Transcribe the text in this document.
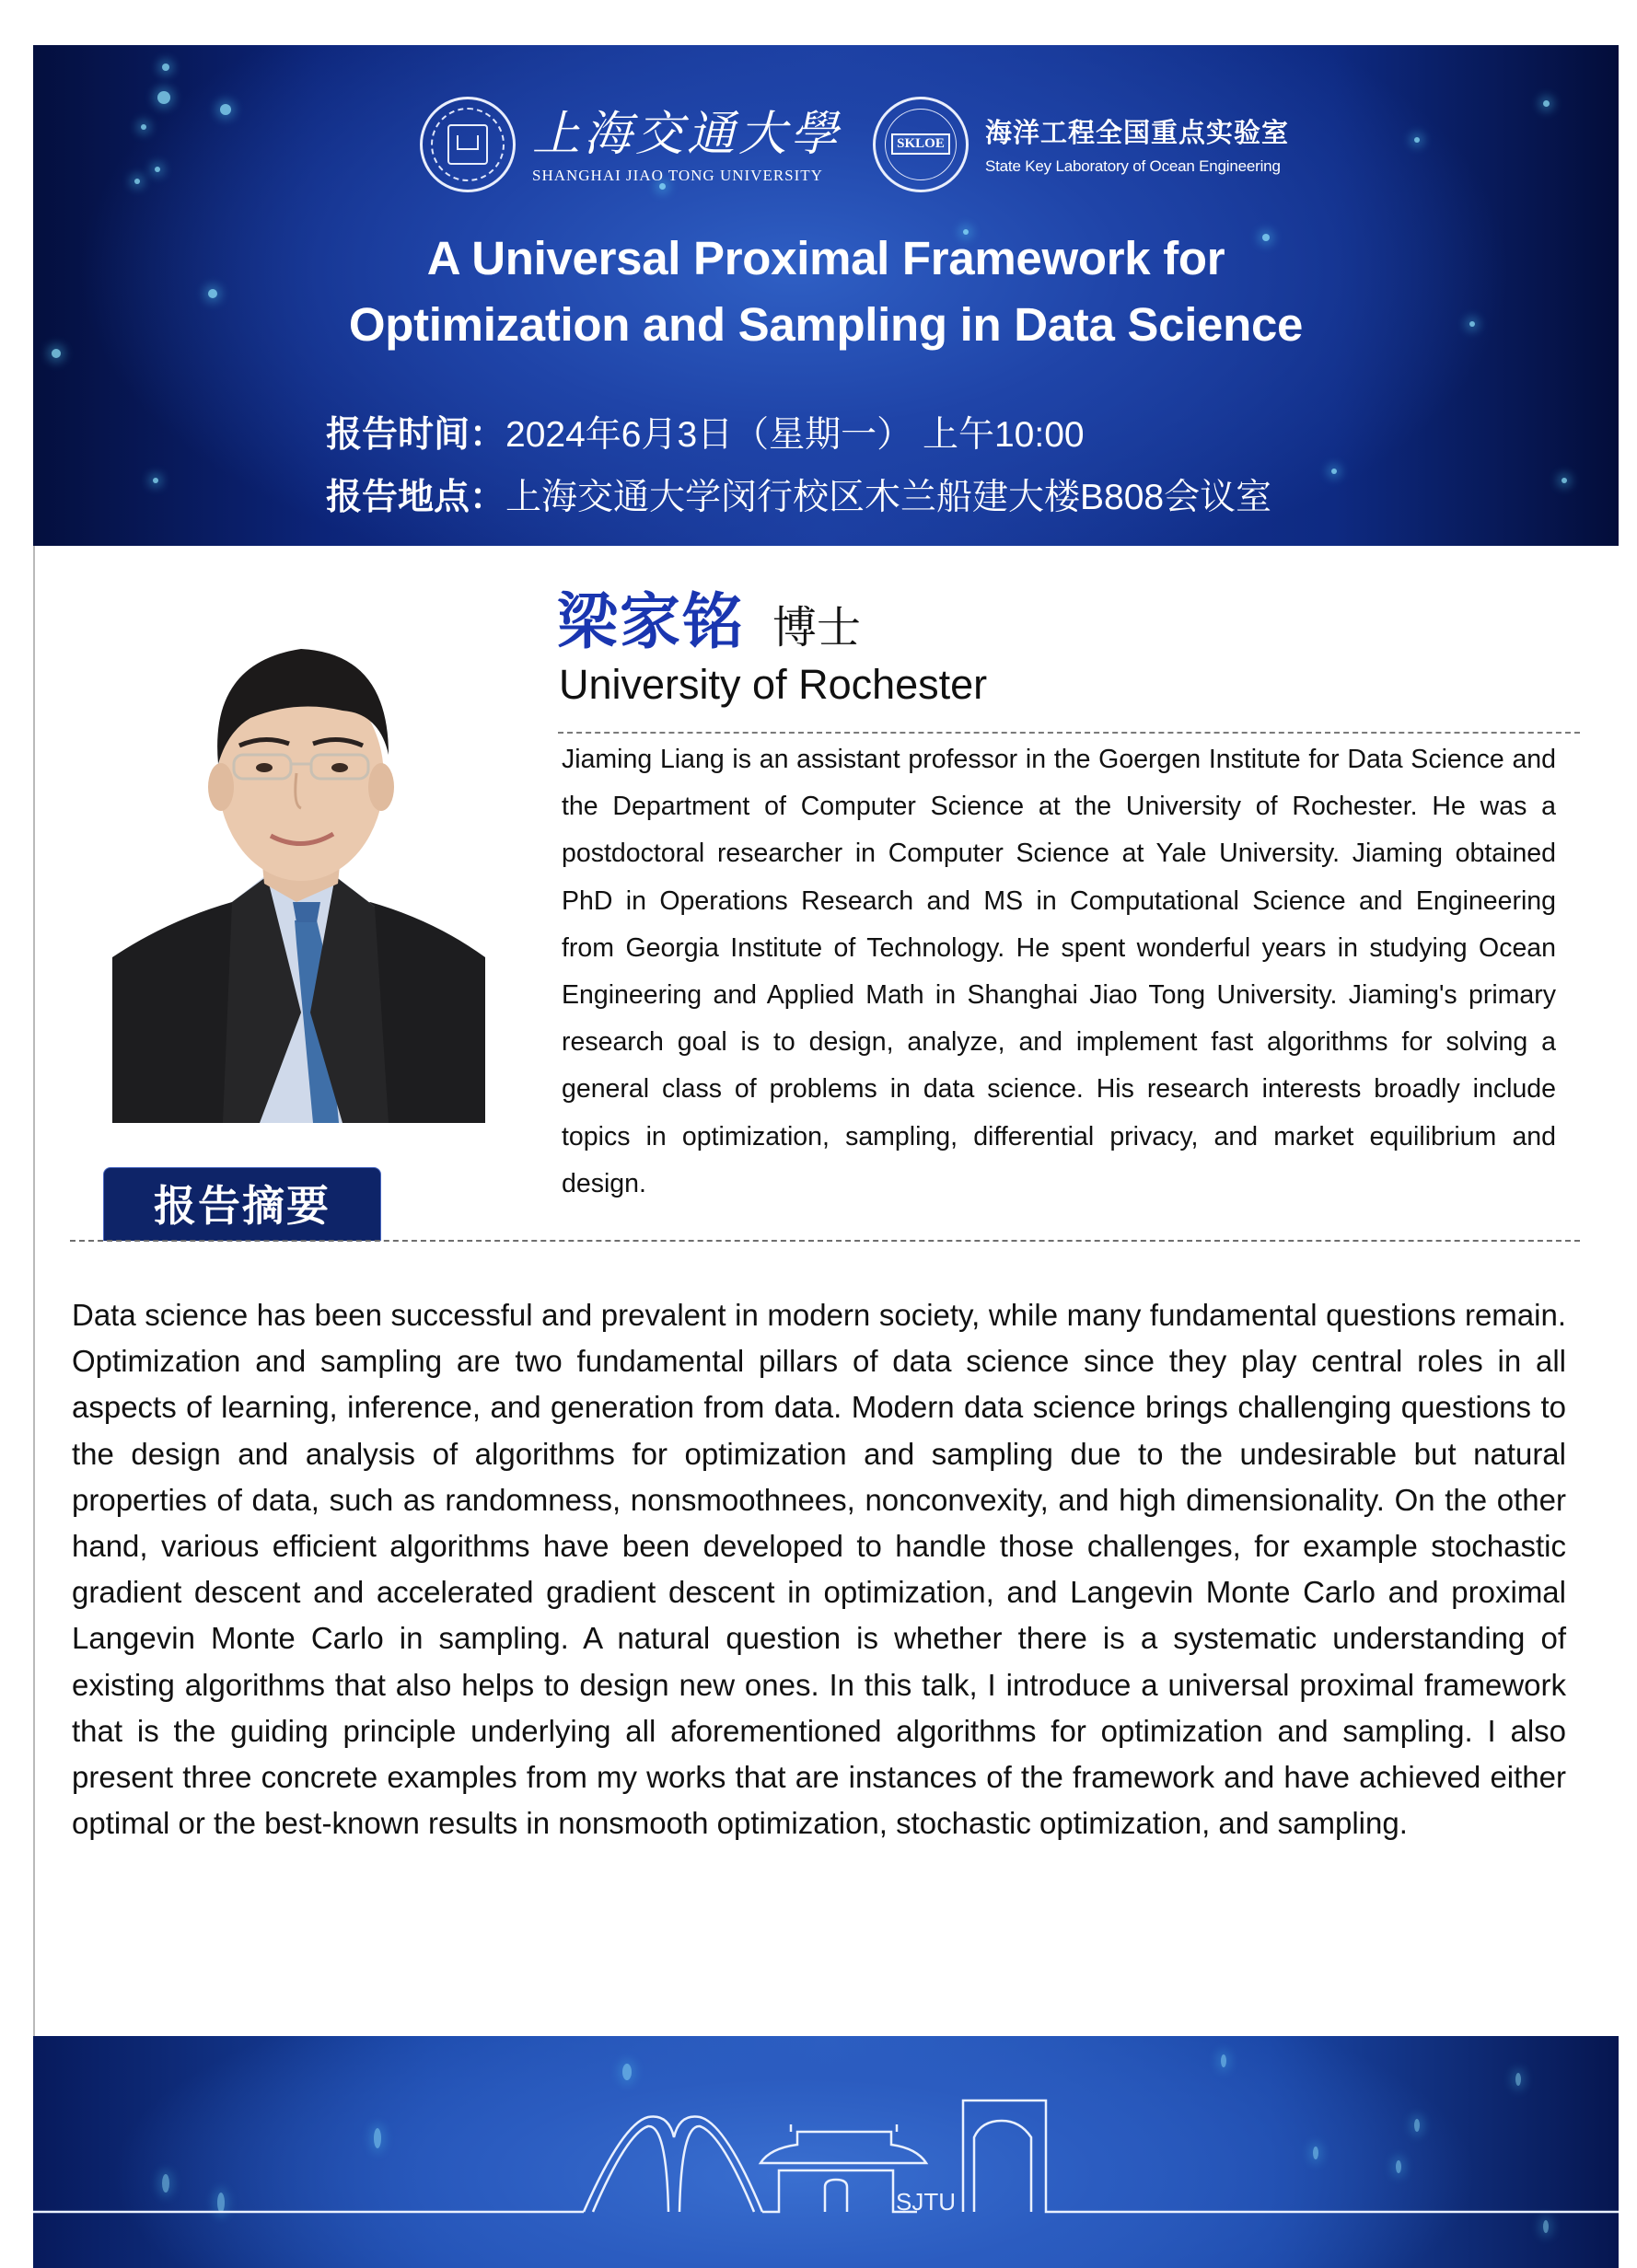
上海交通大學
SHANGHAI JIAO TONG UNIVERSITY
SKLOE 海洋工程全国重点实验室
State Key Laboratory of Ocean Engineering
A Universal Proximal Framework for
Optimization and Sampling in Data Science
报告时间：2024年6月3日（星期一） 上午10:00
报告地点：上海交通大学闵行校区木兰船建大楼B808会议室
梁家铭 博士
University of Rochester

Jiaming Liang is an assistant professor in the Goergen Institute for Data Science and the Department of Computer Science at the University of Rochester. He was a postdoctoral researcher in Computer Science at Yale University. Jiaming obtained PhD in Operations Research and MS in Computational Science and Engineering from Georgia Institute of Technology. He spent wonderful years in studying Ocean Engineering and Applied Math in Shanghai Jiao Tong University. Jiaming's primary research goal is to design, analyze, and implement fast algorithms for solving a general class of problems in data science. His research interests broadly include topics in optimization, sampling, differential privacy, and market equilibrium and design.

报告摘要

Data science has been successful and prevalent in modern society, while many fundamental questions remain. Optimization and sampling are two fundamental pillars of data science since they play central roles in all aspects of learning, inference, and generation from data. Modern data science brings challenging questions to the design and analysis of algorithms for optimization and sampling due to the undesirable but natural properties of data, such as randomness, nonsmoothnees, nonconvexity, and high dimensionality. On the other hand, various efficient algorithms have been developed to handle those challenges, for example stochastic gradient descent and accelerated gradient descent in optimization, and Langevin Monte Carlo and proximal Langevin Monte Carlo in sampling. A natural question is whether there is a systematic understanding of existing algorithms that also helps to design new ones. In this talk, I introduce a universal proximal framework that is the guiding principle underlying all aforementioned algorithms for optimization and sampling. I also present three concrete examples from my works that are instances of the framework and have achieved either optimal or the best-known results in nonsmooth optimization, stochastic optimization, and sampling.

SJTU
